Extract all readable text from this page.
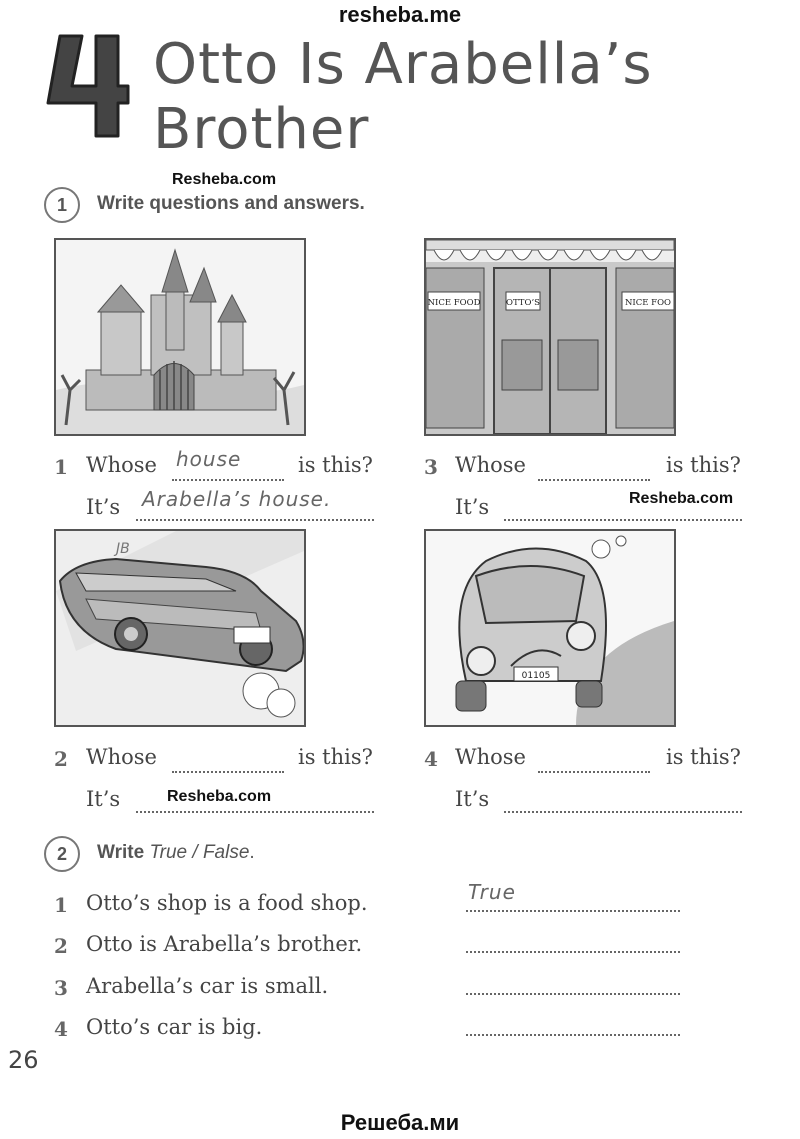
resheba.me
Otto Is Arabella’s
Brother
Resheba.com
1	Write questions and answers.
NICE FOOD	OTTO’S	NICE FOO
1 Whose house	is this?
It’s Arabella’s house.
3 Whose	is this?
It’s	Resheba.com
JB
01105
2 Whose	is this?
It’s	Resheba.com
4 Whose	is this?
It’s
2	Write True / False.
1 Otto’s shop is a food shop.	True
2 Otto is Arabella’s brother.
3 Arabella’s car is small.
4 Otto’s car is big.
26
Решеба.ми
